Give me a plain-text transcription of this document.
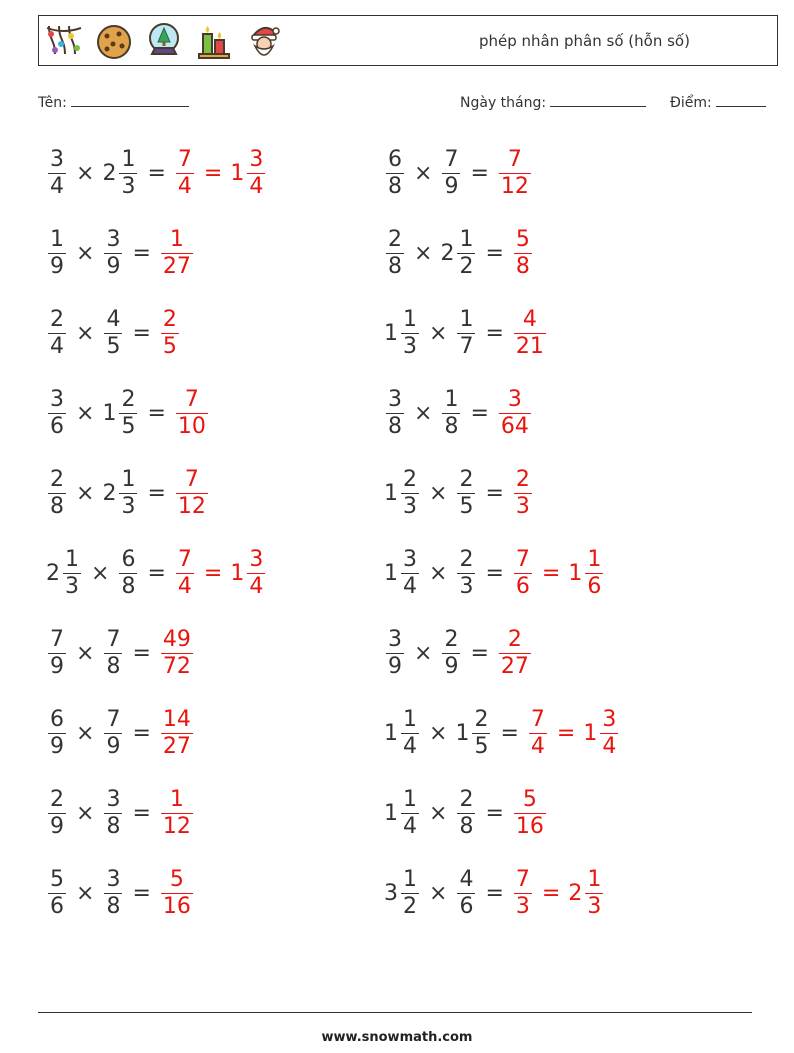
phép nhân phân số (hỗn số)
Tên:	Ngày tháng:	Điểm:
$\frac{3}{4} \times 2 \frac{1}{3} = \frac{7}{4} = 1 \frac{3}{4}$	$\frac{6}{8} \times \frac{7}{9} = \frac{7}{12}$
$\frac{1}{9} \times \frac{3}{9} = \frac{1}{27}$	$\frac{2}{8} \times 2 \frac{1}{2} = \frac{5}{8}$
$\frac{2}{4} \times \frac{4}{5} = \frac{2}{5}$	$1 \frac{1}{3} \times \frac{1}{7} = \frac{4}{21}$
$\frac{3}{6} \times 1 \frac{2}{5} = \frac{7}{10}$	$\frac{3}{8} \times \frac{1}{8} = \frac{3}{64}$
$\frac{2}{8} \times 2 \frac{1}{3} = \frac{7}{12}$	$1 \frac{2}{3} \times \frac{2}{5} = \frac{2}{3}$
$2 \frac{1}{3} \times \frac{6}{8} = \frac{7}{4} = 1 \frac{3}{4}$	$1 \frac{3}{4} \times \frac{2}{3} = \frac{7}{6} = 1 \frac{1}{6}$
$\frac{7}{9} \times \frac{7}{8} = \frac{49}{72}$	$\frac{3}{9} \times \frac{2}{9} = \frac{2}{27}$
$\frac{6}{9} \times \frac{7}{9} = \frac{14}{27}$	$1 \frac{1}{4} \times 1 \frac{2}{5} = \frac{7}{4} = 1 \frac{3}{4}$
$\frac{2}{9} \times \frac{3}{8} = \frac{1}{12}$	$1 \frac{1}{4} \times \frac{2}{8} = \frac{5}{16}$
$\frac{5}{6} \times \frac{3}{8} = \frac{5}{16}$	$3 \frac{1}{2} \times \frac{4}{6} = \frac{7}{3} = 2 \frac{1}{3}$
www.snowmath.com
